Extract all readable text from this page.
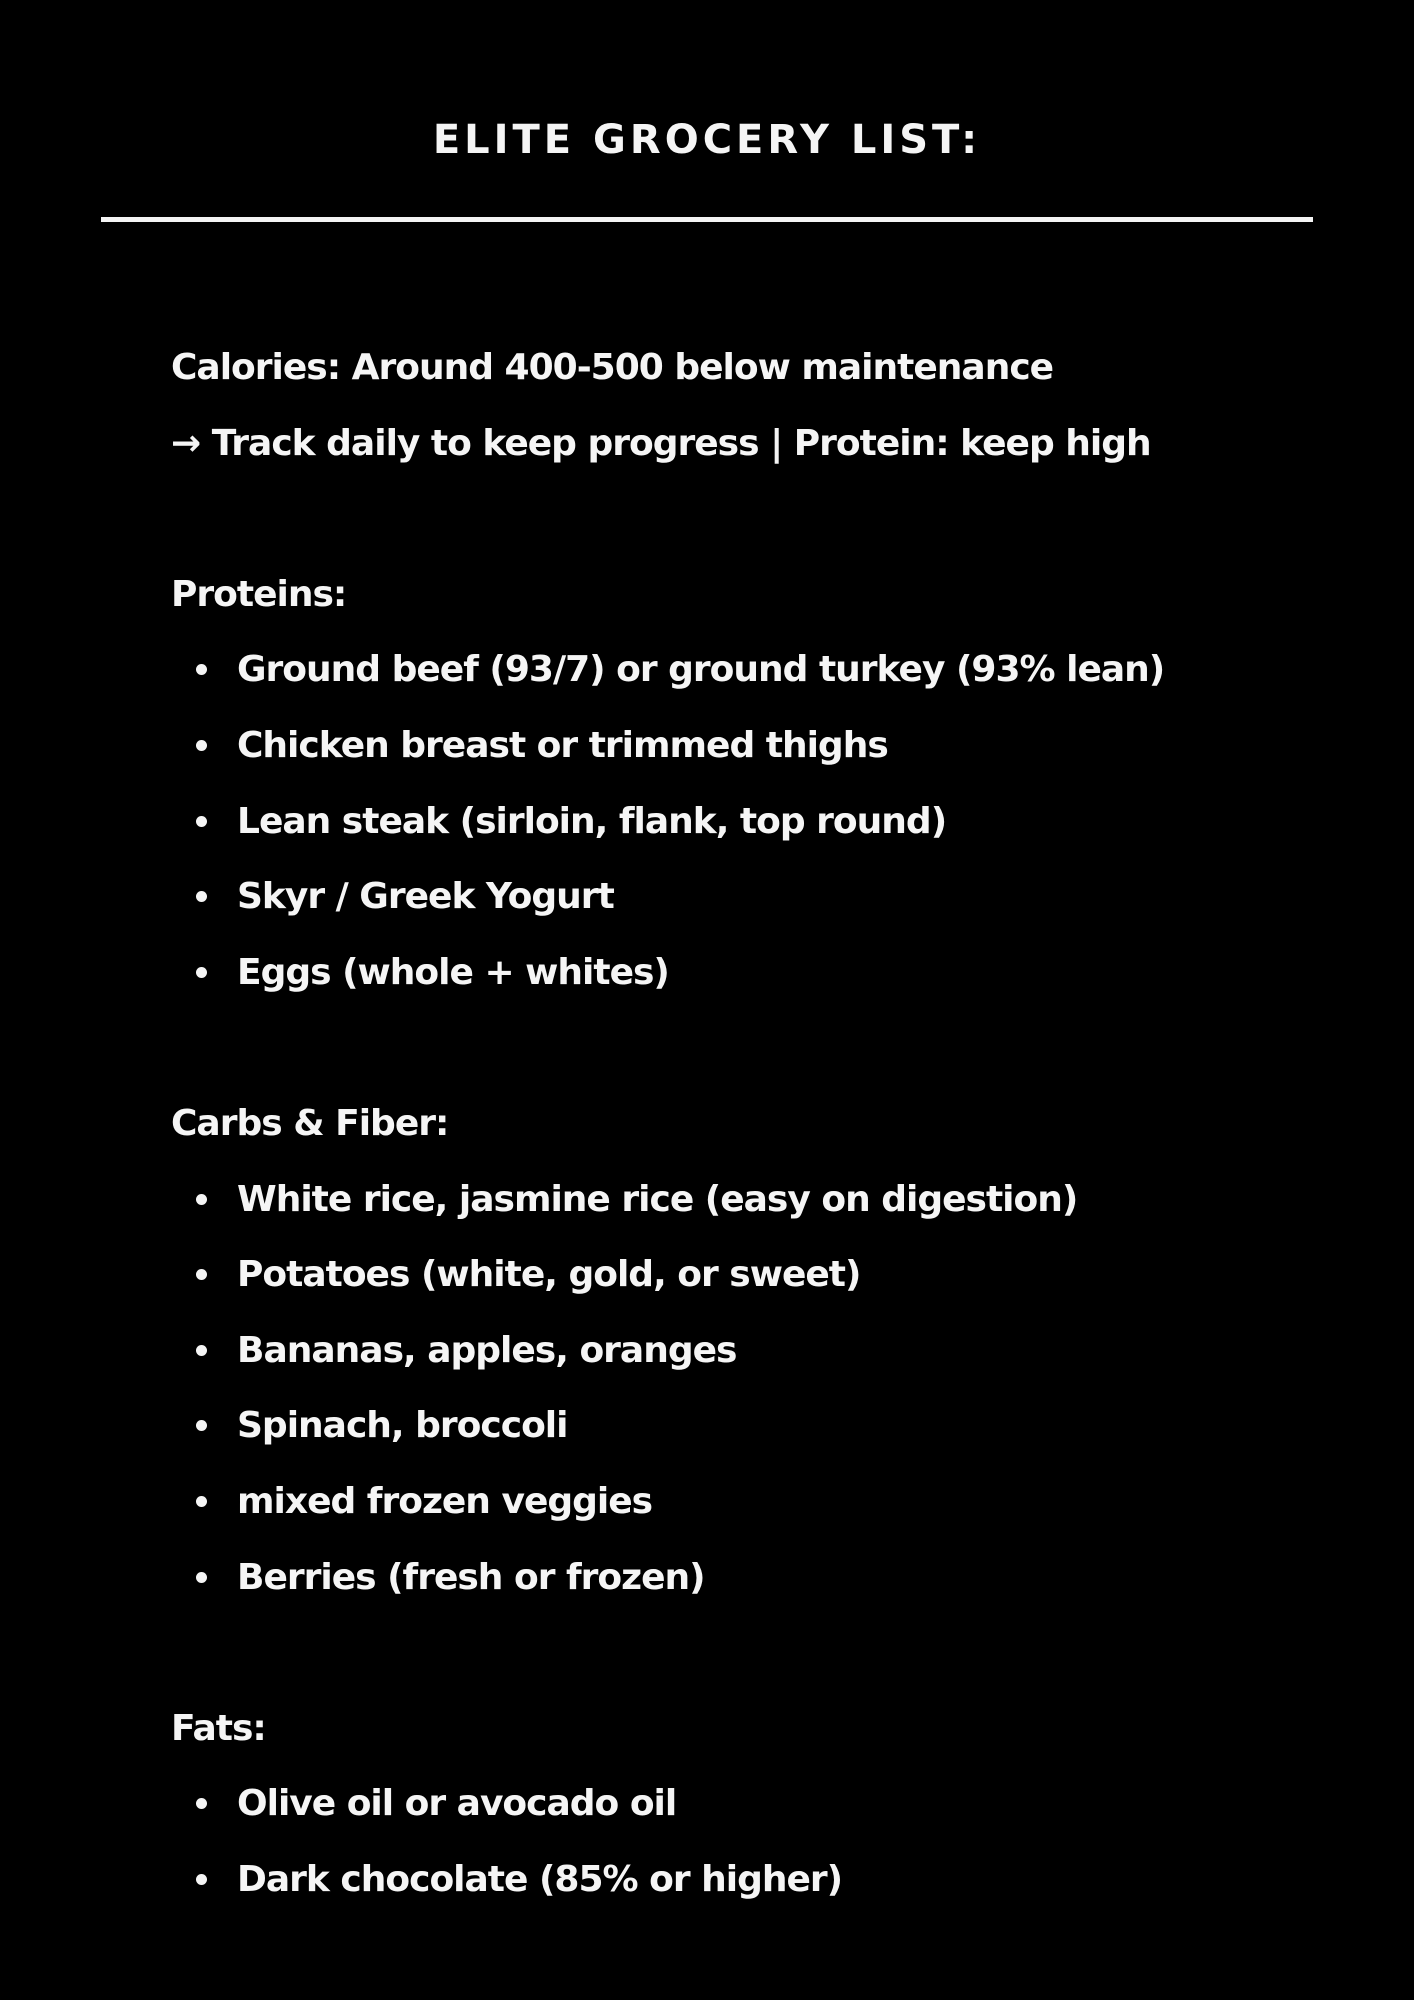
ELITE GROCERY LIST:

Calories: Around 400-500 below maintenance

→ Track daily to keep progress | Protein: keep high

Proteins:

Ground beef (93/7) or ground turkey (93% lean)
Chicken breast or trimmed thighs
Lean steak (sirloin, flank, top round)
Skyr / Greek Yogurt
Eggs (whole + whites)

Carbs & Fiber:

White rice, jasmine rice (easy on digestion)
Potatoes (white, gold, or sweet)
Bananas, apples, oranges
Spinach, broccoli
mixed frozen veggies
Berries (fresh or frozen)

Fats:

Olive oil or avocado oil
Dark chocolate (85% or higher)
